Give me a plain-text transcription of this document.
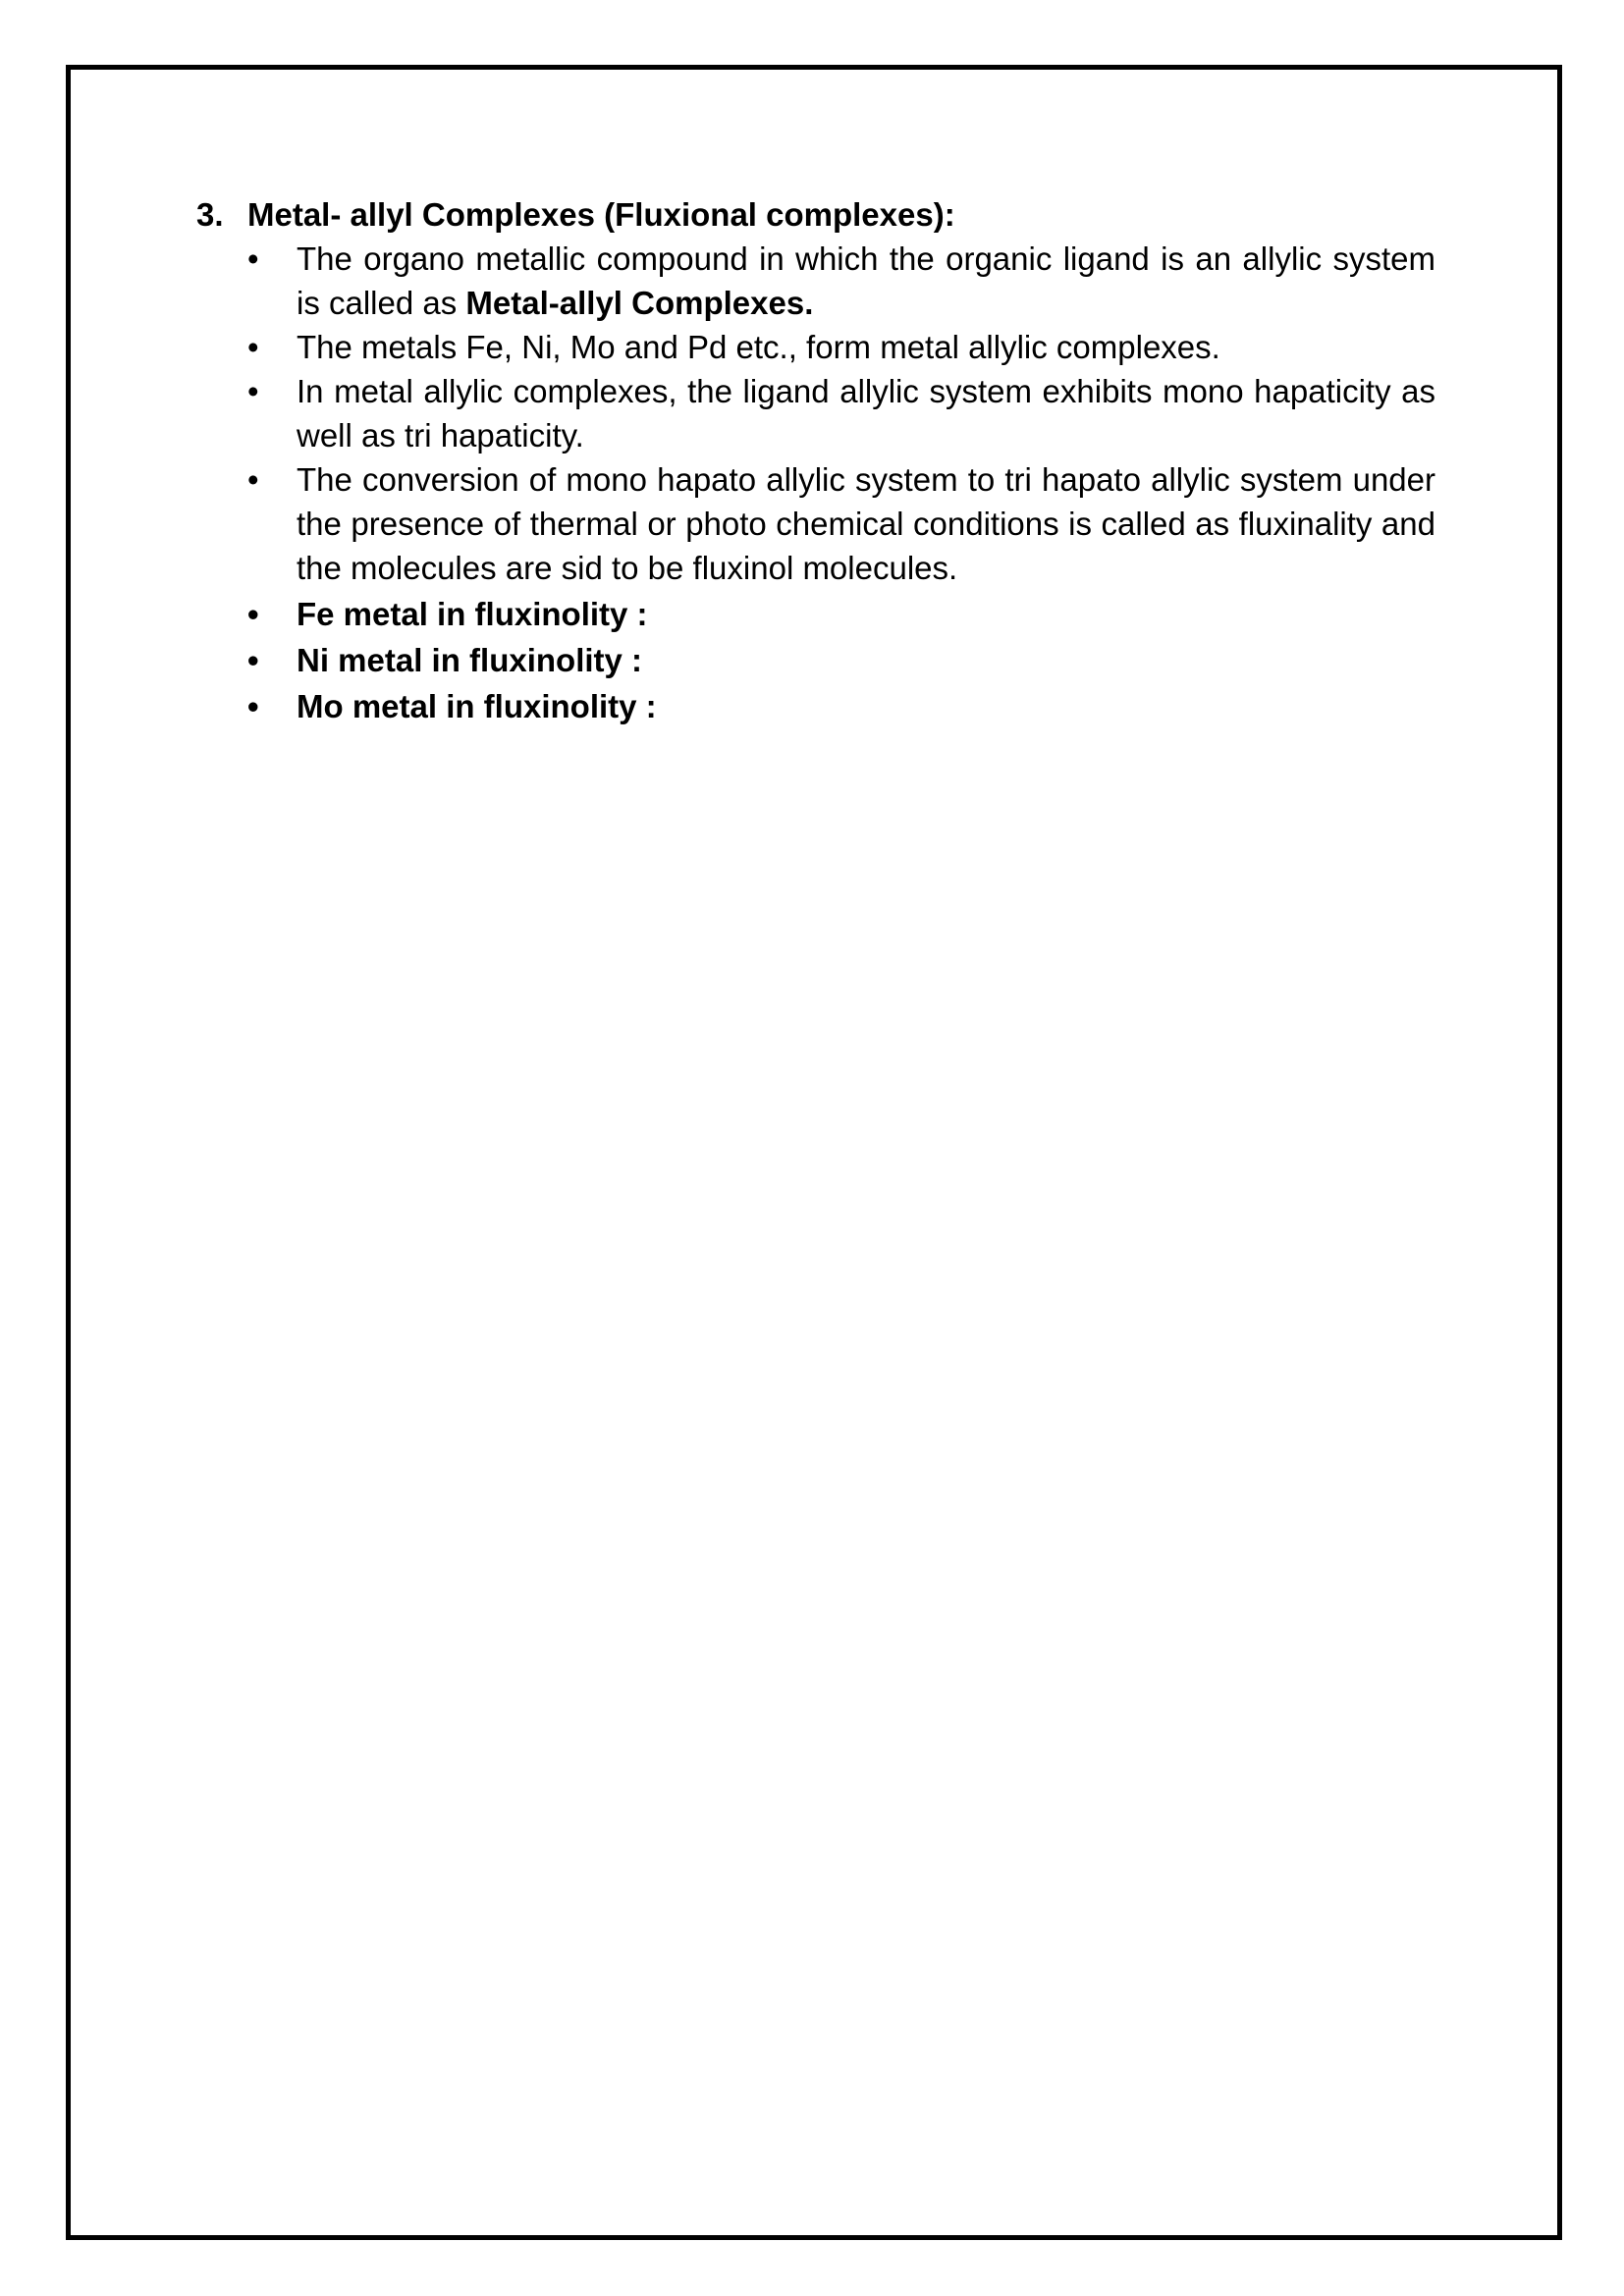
3. Metal- allyl Complexes (Fluxional complexes):
•	The organo metallic compound in which the organic ligand is an allylic system is called as Metal-allyl Complexes.
•	The metals Fe, Ni, Mo and Pd etc., form metal allylic complexes.
•	In metal allylic complexes, the ligand allylic system exhibits mono hapaticity as well as tri hapaticity.
•	The conversion of mono hapato allylic system to tri hapato allylic system under the presence of thermal or photo chemical conditions is called as fluxinality and the molecules are sid to be fluxinol molecules.
•	Fe metal in fluxinolity :
•	Ni metal in fluxinolity :
•	Mo metal in fluxinolity :
